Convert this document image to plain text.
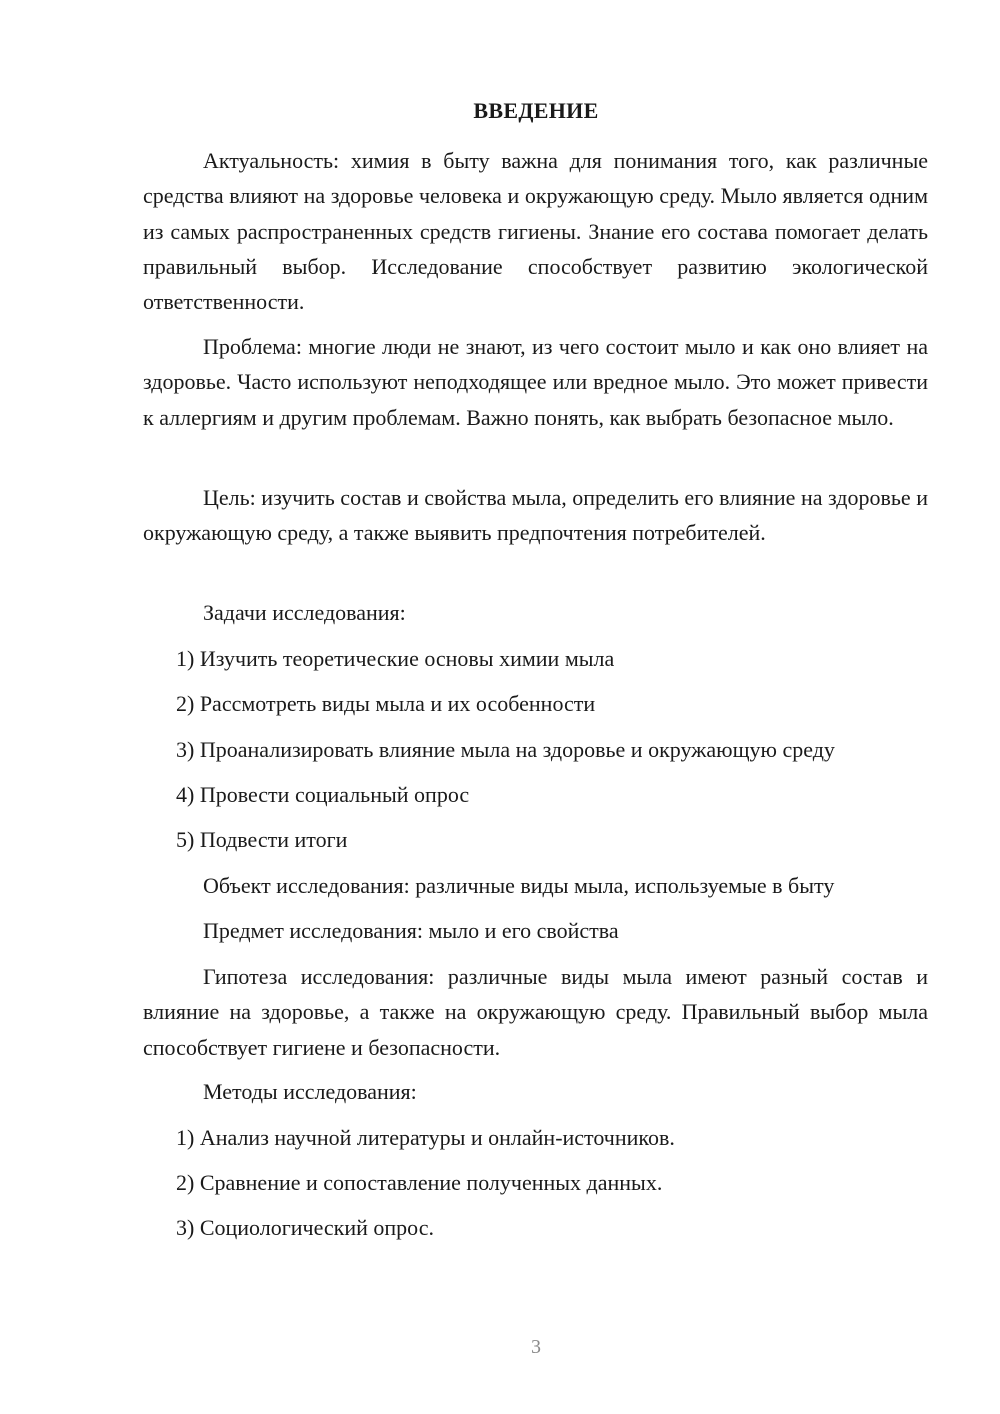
ВВЕДЕНИЕ

Актуальность: химия в быту важна для понимания того, как различные средства влияют на здоровье человека и окружающую среду. Мыло является одним из самых распространенных средств гигиены. Знание его состава помогает делать правильный выбор. Исследование способствует развитию экологической ответственности.

Проблема: многие люди не знают, из чего состоит мыло и как оно влияет на здоровье. Часто используют неподходящее или вредное мыло. Это может привести к аллергиям и другим проблемам. Важно понять, как выбрать безопасное мыло.

Цель: изучить состав и свойства мыла, определить его влияние на здоровье и окружающую среду, а также выявить предпочтения потребителей.

Задачи исследования:

1) Изучить теоретические основы химии мыла

2) Рассмотреть виды мыла и их особенности

3) Проанализировать влияние мыла на здоровье и окружающую среду

4) Провести социальный опрос

5) Подвести итоги

Объект исследования: различные виды мыла, используемые в быту

Предмет исследования: мыло и его свойства

Гипотеза исследования: различные виды мыла имеют разный состав и влияние на здоровье, а также на окружающую среду. Правильный выбор мыла способствует гигиене и безопасности.

Методы исследования:

1) Анализ научной литературы и онлайн-источников.

2) Сравнение и сопоставление полученных данных.

3) Социологический опрос.

3
